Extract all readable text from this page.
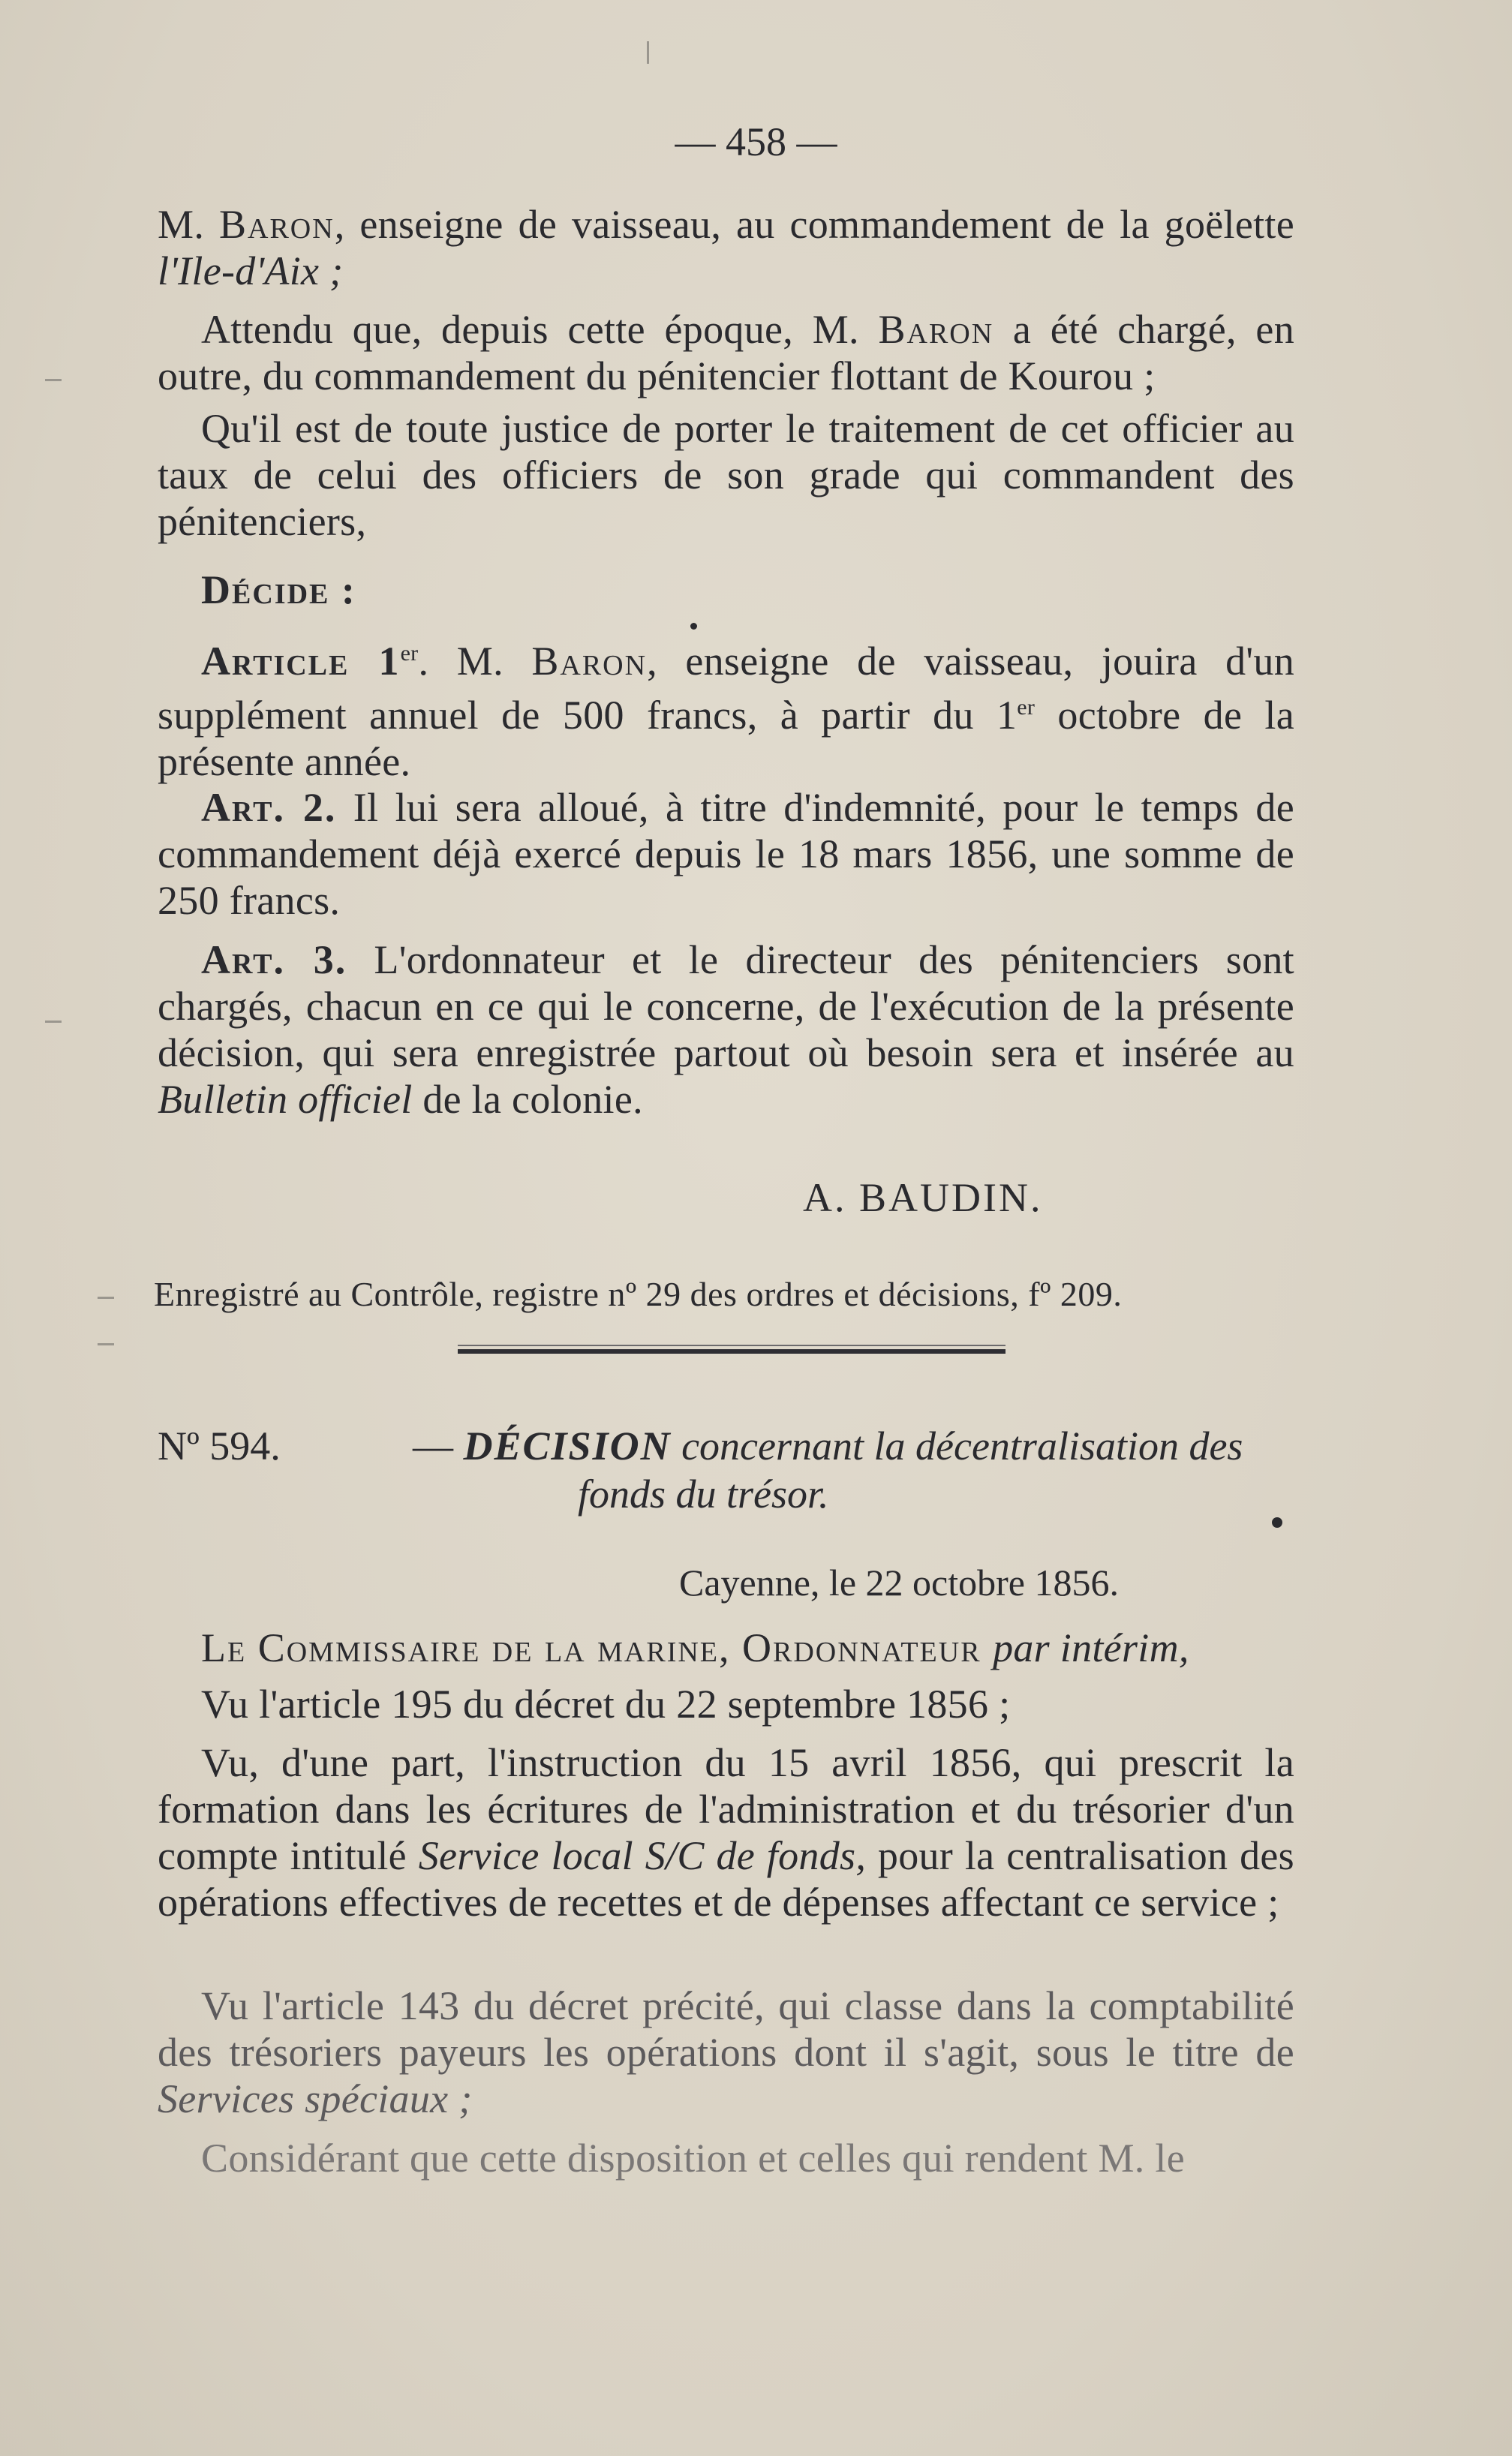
— 458 —
M. Baron, enseigne de vaisseau, au commandement de la goëlette l'Ile-d'Aix ;
Attendu que, depuis cette époque, M. Baron a été chargé, en outre, du commandement du pénitencier flottant de Kourou ;
Qu'il est de toute justice de porter le traitement de cet officier au taux de celui des officiers de son grade qui commandent des pénitenciers,
Décide :
Article 1er. M. Baron, enseigne de vaisseau, jouira d'un supplément annuel de 500 francs, à partir du 1er octobre de la présente année.
Art. 2. Il lui sera alloué, à titre d'indemnité, pour le temps de commandement déjà exercé depuis le 18 mars 1856, une somme de 250 francs.
Art. 3. L'ordonnateur et le directeur des pénitenciers sont chargés, chacun en ce qui le concerne, de l'exécution de la présente décision, qui sera enregistrée partout où besoin sera et insérée au Bulletin officiel de la colonie.
A. BAUDIN.
Enregistré au Contrôle, registre nº 29 des ordres et décisions, fº 209.
Nº 594.	— DÉCISION concernant la décentralisation des
fonds du trésor.
Cayenne, le 22 octobre 1856.
Le Commissaire de la marine, Ordonnateur par intérim,
Vu l'article 195 du décret du 22 septembre 1856 ;
Vu, d'une part, l'instruction du 15 avril 1856, qui prescrit la formation dans les écritures de l'administration et du trésorier d'un compte intitulé Service local S/C de fonds, pour la centralisation des opérations effectives de recettes et de dépenses affectant ce service ;
Vu l'article 143 du décret précité, qui classe dans la comptabilité des trésoriers payeurs les opérations dont il s'agit, sous le titre de Services spéciaux ;
Considérant que cette disposition et celles qui rendent M. le
